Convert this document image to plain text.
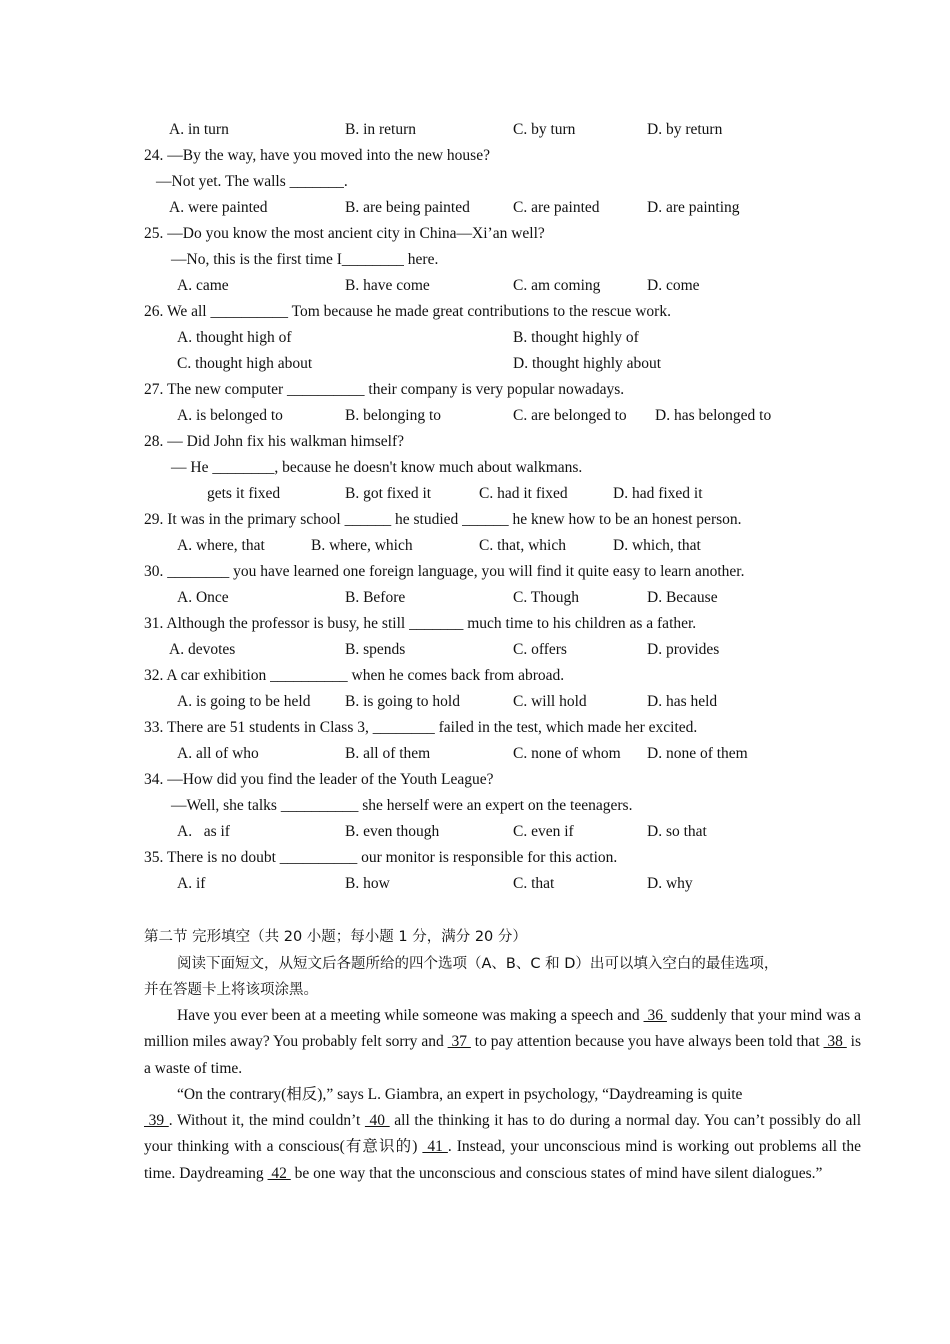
A. in turn	B. in return	C. by turn	D. by return
24. —By the way, have you moved into the new house?
—Not yet. The walls _______.
A. were painted	B. are being painted	C. are painted	D. are painting
25. —Do you know the most ancient city in China—Xi’an well?
—No, this is the first time I________ here.
A. came	B. have come	C. am coming	D. come
26. We all __________ Tom because he made great contributions to the rescue work.
A. thought high of	B. thought highly of
C. thought high about	D. thought highly about
27. The new computer __________ their company is very popular nowadays.
A. is belonged to	B. belonging to	C. are belonged to D. has belonged to
28. — Did John fix his walkman himself?
— He ________, because he doesn't know much about walkmans.
gets it fixed	B. got fixed it	C. had it fixed	D. had fixed it
29. It was in the primary school ______ he studied ______ he knew how to be an honest person.
A. where, that	B. where, which	C. that, which	D. which, that
30. ________ you have learned one foreign language, you will find it quite easy to learn another.
A. Once	B. Before	C. Though	D. Because
31. Although the professor is busy, he still _______ much time to his children as a father.
A. devotes	B. spends	C. offers	D. provides
32. A car exhibition __________ when he comes back from abroad.
A. is going to be held B. is going to hold	C. will hold	D. has held
33. There are 51 students in Class 3, ________ failed in the test, which made her excited.
A. all of who	B. all of them	C. none of whom D. none of them
34. —How did you find the leader of the Youth League?
—Well, she talks __________ she herself were an expert on the teenagers.
A.   as if	B. even though	C. even if	D. so that
35. There is no doubt __________ our monitor is responsible for this action.
A. if	B. how	C. that	D. why
第二节 完形填空（共 20 小题；每小题 1 分，满分 20 分）
阅读下面短文，从短文后各题所给的四个选项（A、B、C 和 D）出可以填入空白的最佳选项，
并在答题卡上将该项涂黑。
Have you ever been at a meeting while someone was making a speech and  36  suddenly that your mind was a million miles away? You probably felt sorry and  37  to pay attention because you have always been told that  38  is a waste of time.
“On the contrary(相反),” says L. Giambra, an expert in psychology, “Daydreaming is quite
39 . Without it, the mind couldn’t  40  all the thinking it has to do during a normal day. You can’t possibly do all your thinking with a conscious(有意识的)  41 . Instead, your unconscious mind is working out problems all the time. Daydreaming  42  be one way that the unconscious and conscious states of mind have silent dialogues.”
